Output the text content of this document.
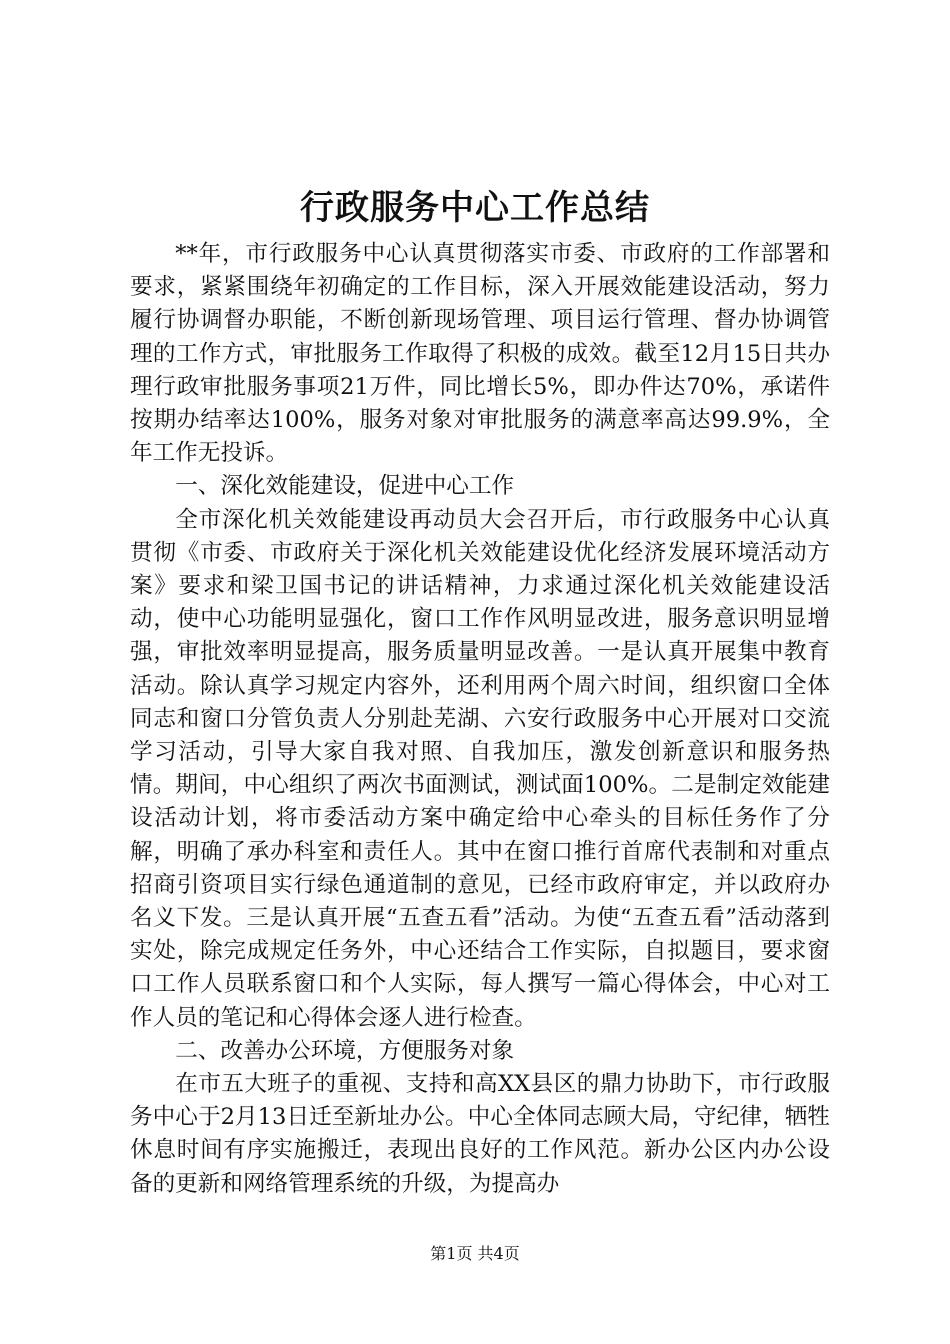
行政服务中心工作总结

**年，市行政服务中心认真贯彻落实市委、市政府的工作部署和要求，紧紧围绕年初确定的工作目标，深入开展效能建设活动，努力履行协调督办职能，不断创新现场管理、项目运行管理、督办协调管理的工作方式，审批服务工作取得了积极的成效。截至12月15日共办理行政审批服务事项21万件，同比增长5%，即办件达70%，承诺件按期办结率达100%，服务对象对审批服务的满意率高达99.9%，全年工作无投诉。

一、深化效能建设，促进中心工作

全市深化机关效能建设再动员大会召开后，市行政服务中心认真贯彻《市委、市政府关于深化机关效能建设优化经济发展环境活动方案》要求和梁卫国书记的讲话精神，力求通过深化机关效能建设活动，使中心功能明显强化，窗口工作作风明显改进，服务意识明显增强，审批效率明显提高，服务质量明显改善。一是认真开展集中教育活动。除认真学习规定内容外，还利用两个周六时间，组织窗口全体同志和窗口分管负责人分别赴芜湖、六安行政服务中心开展对口交流学习活动，引导大家自我对照、自我加压，激发创新意识和服务热情。期间，中心组织了两次书面测试，测试面100%。二是制定效能建设活动计划，将市委活动方案中确定给中心牵头的目标任务作了分解，明确了承办科室和责任人。其中在窗口推行首席代表制和对重点招商引资项目实行绿色通道制的意见，已经市政府审定，并以政府办名义下发。三是认真开展“五查五看”活动。为使“五查五看”活动落到实处，除完成规定任务外，中心还结合工作实际，自拟题目，要求窗口工作人员联系窗口和个人实际，每人撰写一篇心得体会，中心对工作人员的笔记和心得体会逐人进行检查。

二、改善办公环境，方便服务对象

在市五大班子的重视、支持和高XX县区的鼎力协助下，市行政服务中心于2月13日迁至新址办公。中心全体同志顾大局，守纪律，牺牲休息时间有序实施搬迁，表现出良好的工作风范。新办公区内办公设备的更新和网络管理系统的升级，为提高办

第1页 共4页
